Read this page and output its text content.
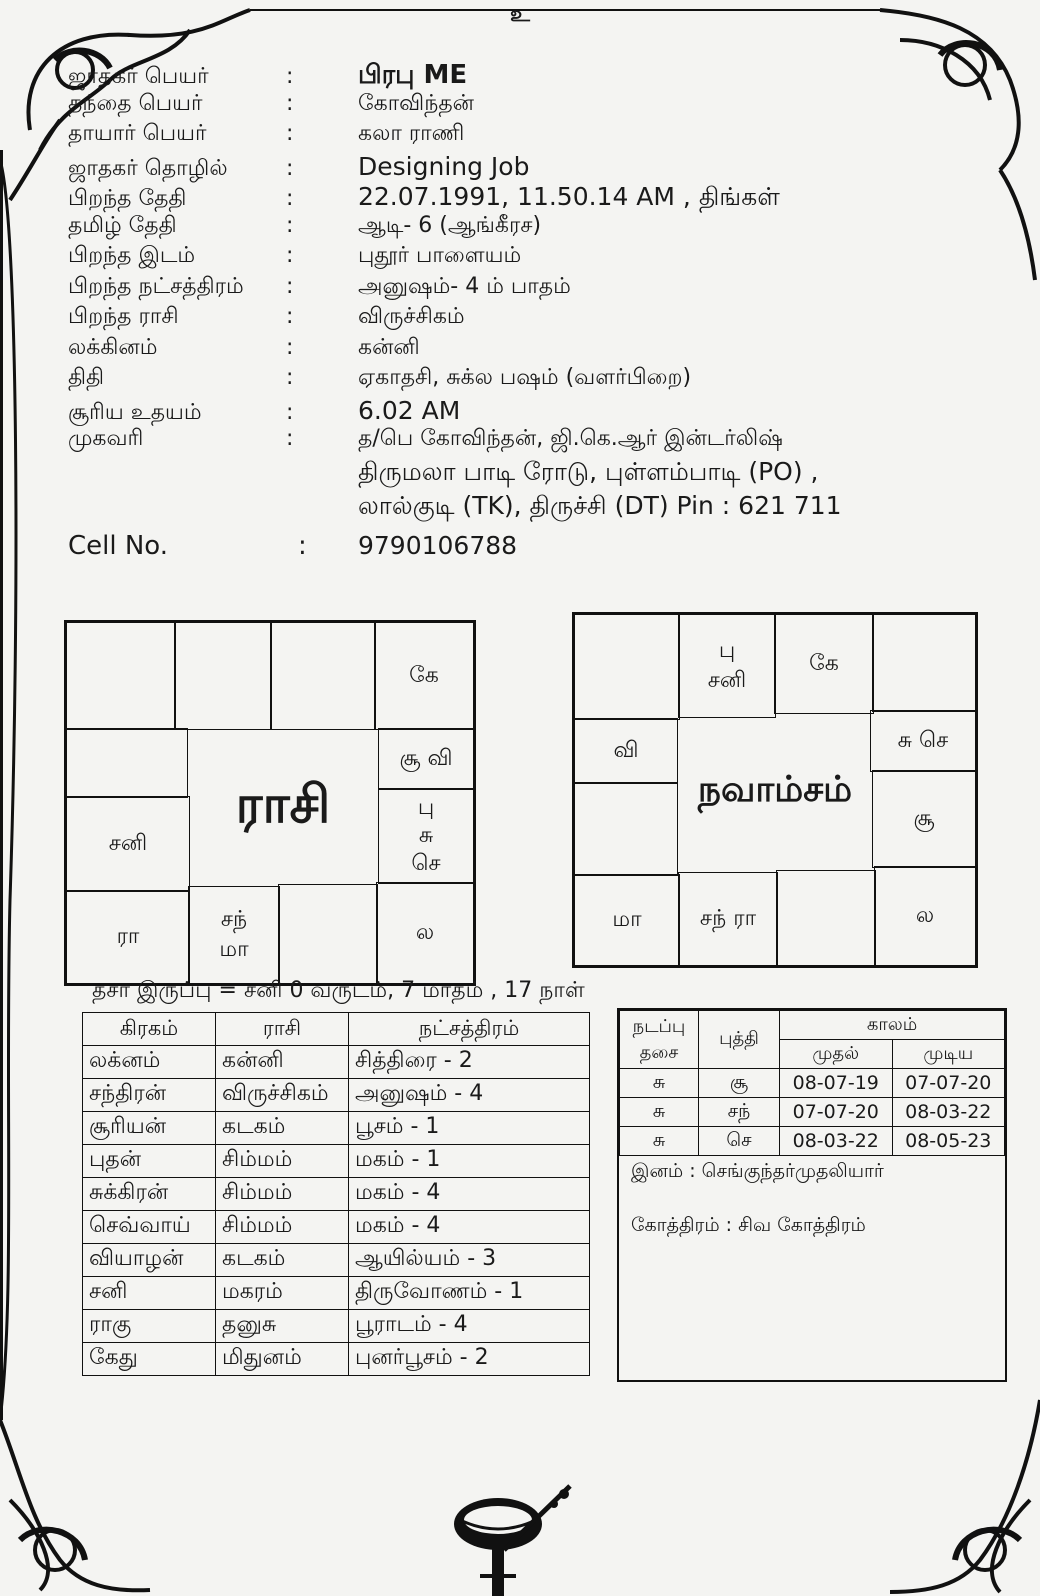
உ
ஜாதகர் பெயர்	:	பிரபு ME
தந்தை பெயர்	:	கோவிந்தன்
தாயார் பெயர்	:	கலா ராணி
ஜாதகர் தொழில்	:	Designing Job
பிறந்த தேதி	:	22.07.1991, 11.50.14 AM , திங்கள்
தமிழ் தேதி	:	ஆடி- 6 (ஆங்கீரச)
பிறந்த இடம்	:	புதூர் பாளையம்
பிறந்த நட்சத்திரம்	:	அனுஷம்- 4 ம் பாதம்
பிறந்த ராசி	:	விருச்சிகம்
லக்கினம்	:	கன்னி
திதி	:	ஏகாதசி, சுக்ல பஷம் (வளர்பிறை)
சூரிய உதயம்	:	6.02 AM
முகவரி	:	த/பெ கோவிந்தன், ஜி.கெ.ஆர் இன்டர்லிஷ்
திருமலா பாடி ரோடு, புள்ளம்பாடி (PO) ,
லால்குடி (TK), திருச்சி (DT) Pin : 621 711
Cell No.	:	9790106788
கே
சூ வி
சனி
பு
சு
செ
ரா
சந்
மா
ல
ராசி
பு
சனி
கே
வி	சு செ
சூ
மா	சந் ரா	ல
நவாம்சம்
தசா இருப்பு = சனி 0 வருடம், 7 மாதம் , 17 நாள்
கிரகம்	ராசி	நட்சத்திரம்
லக்னம்	கன்னி	சித்திரை - 2
சந்திரன்	விருச்சிகம்	அனுஷம் - 4
சூரியன்	கடகம்	பூசம் - 1
புதன்	சிம்மம்	மகம் - 1
சுக்கிரன்	சிம்மம்	மகம் - 4
செவ்வாய்	சிம்மம்	மகம் - 4
வியாழன்	கடகம்	ஆயில்யம் - 3
சனி	மகரம்	திருவோணம் - 1
ராகு	தனுசு	பூராடம் - 4
கேது	மிதுனம்	புனர்பூசம் - 2
நடப்பு
தசை	புத்தி	காலம்	
		முதல்	முடிய
சு	சூ	08-07-19	07-07-20
சு	சந்	07-07-20	08-03-22
சு	செ	08-03-22	08-05-23
இனம் : செங்குந்தர்முதலியார்
கோத்திரம் : சிவ கோத்திரம்
